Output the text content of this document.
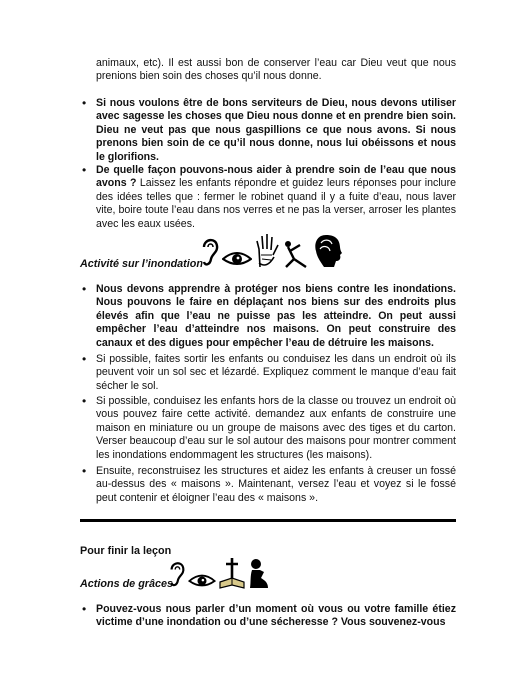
animaux, etc). Il est aussi bon de conserver l’eau car Dieu veut que nous prenions bien soin des choses qu’il nous donne.
• Si nous voulons être de bons serviteurs de Dieu, nous devons utiliser avec sagesse les choses que Dieu nous donne et en prendre bien soin. Dieu ne veut pas que nous gaspillions ce que nous avons. Si nous prenons bien soin de ce qu’il nous donne, nous lui obéissons et nous le glorifions.
• De quelle façon pouvons-nous aider à prendre soin de l’eau que nous avons ? Laissez les enfants répondre et guidez leurs réponses pour inclure des idées telles que : fermer le robinet quand il y a fuite d’eau, nous laver vite, boire toute l’eau dans nos verres et ne pas la verser, arroser les plantes avec les eaux usées.
Activité sur l’inondation
• Nous devons apprendre à protéger nos biens contre les inondations. Nous pouvons le faire en déplaçant nos biens sur des endroits plus élevés afin que l’eau ne puisse pas les atteindre. On peut aussi empêcher l’eau d’atteindre nos maisons. On peut construire des canaux et des digues pour empêcher l’eau de détruire les maisons.
• Si possible, faites sortir les enfants ou conduisez les dans un endroit où ils peuvent voir un sol sec et lézardé. Expliquez comment le manque d’eau fait sécher le sol.
• Si possible, conduisez les enfants hors de la classe ou trouvez un endroit où vous pouvez faire cette activité. demandez aux enfants de construire une maison en miniature ou un groupe de maisons avec des tiges et du carton. Verser beaucoup d’eau sur le sol autour des maisons pour montrer comment les inondations endommagent les structures (les maisons).
• Ensuite, reconstruisez les structures et aidez les enfants à creuser un fossé au-dessus des « maisons ». Maintenant, versez l’eau et voyez si le fossé peut contenir et éloigner l’eau des « maisons ».
Pour finir la leçon
Actions de grâces
• Pouvez-vous nous parler d’un moment où vous ou votre famille étiez victime d’une inondation ou d’une sécheresse ? Vous souvenez-vous
